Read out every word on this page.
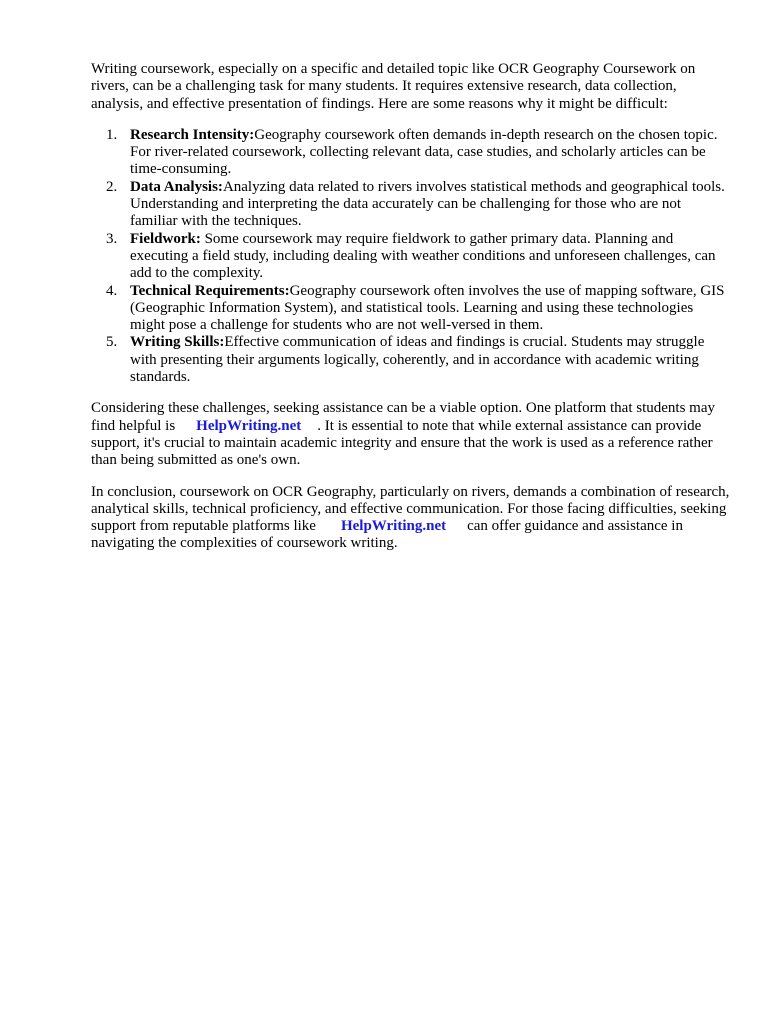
Writing coursework, especially on a specific and detailed topic like OCR Geography Coursework on rivers, can be a challenging task for many students. It requires extensive research, data collection, analysis, and effective presentation of findings. Here are some reasons why it might be difficult:

1. Research Intensity:Geography coursework often demands in-depth research on the chosen topic. For river-related coursework, collecting relevant data, case studies, and scholarly articles can be time-consuming.
2. Data Analysis:Analyzing data related to rivers involves statistical methods and geographical tools. Understanding and interpreting the data accurately can be challenging for those who are not familiar with the techniques.
3. Fieldwork: Some coursework may require fieldwork to gather primary data. Planning and executing a field study, including dealing with weather conditions and unforeseen challenges, can add to the complexity.
4. Technical Requirements:Geography coursework often involves the use of mapping software, GIS (Geographic Information System), and statistical tools. Learning and using these technologies might pose a challenge for students who are not well-versed in them.
5. Writing Skills:Effective communication of ideas and findings is crucial. Students may struggle with presenting their arguments logically, coherently, and in accordance with academic writing standards.

Considering these challenges, seeking assistance can be a viable option. One platform that students may find helpful is HelpWriting.net . It is essential to note that while external assistance can provide support, it's crucial to maintain academic integrity and ensure that the work is used as a reference rather than being submitted as one's own.

In conclusion, coursework on OCR Geography, particularly on rivers, demands a combination of research, analytical skills, technical proficiency, and effective communication. For those facing difficulties, seeking support from reputable platforms like HelpWriting.net can offer guidance and assistance in navigating the complexities of coursework writing.
